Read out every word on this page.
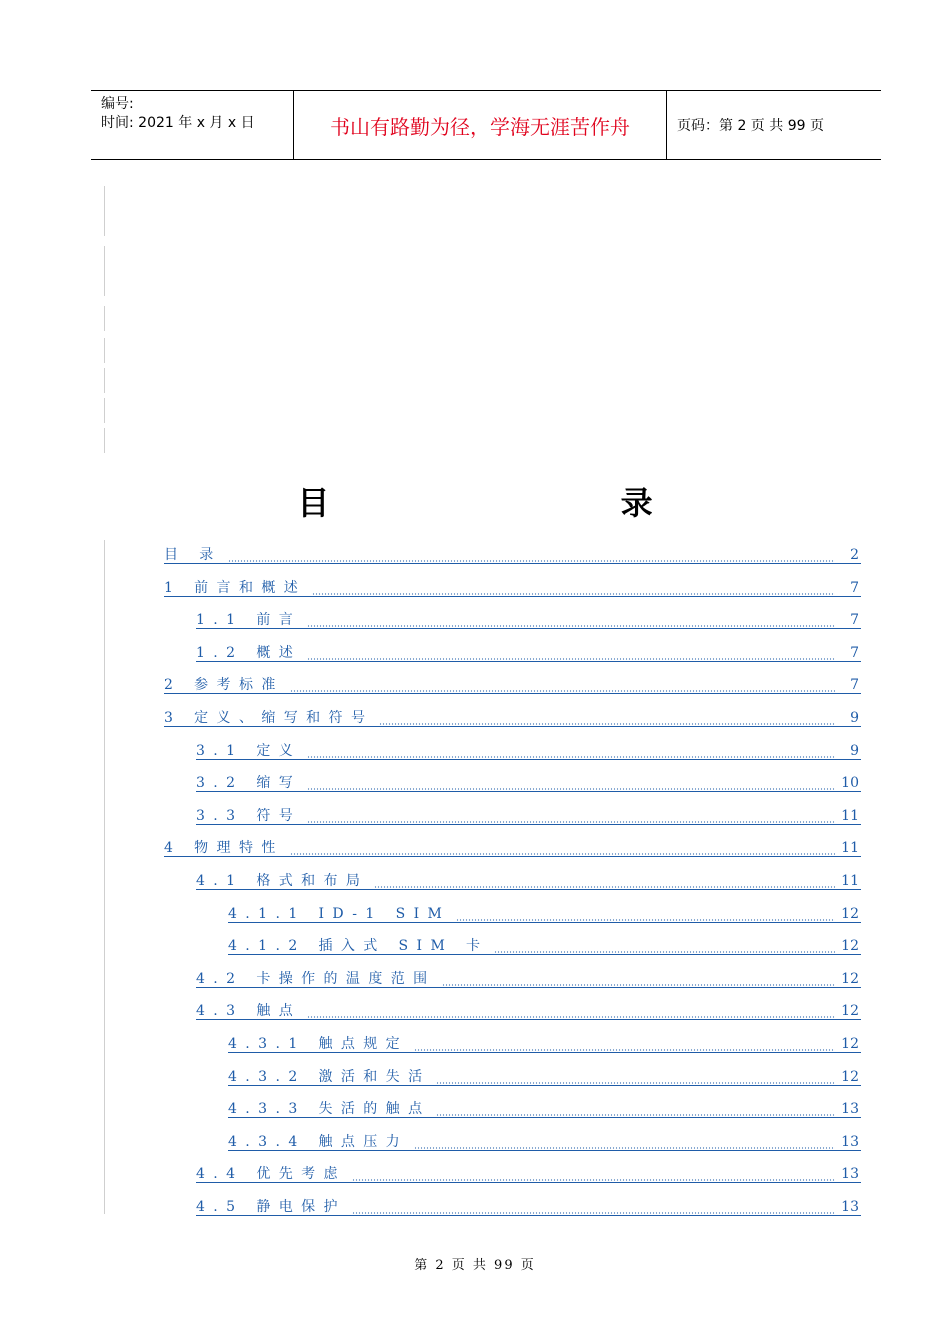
编号:
时间: 2021 年 x 月 x 日	书山有路勤为径，学海无涯苦作舟	页码：第 2 页 共 99 页
目 录
目 录	2
1 前言和概述	7
1.1 前言	7
1.2 概述	7
2 参考标准	7
3 定义、缩写和符号	9
3.1 定义	9
3.2 缩写	10
3.3 符号	11
4 物理特性	11
4.1 格式和布局	11
4.1.1 ID-1 SIM	12
4.1.2 插入式 SIM 卡	12
4.2 卡操作的温度范围	12
4.3 触点	12
4.3.1 触点规定	12
4.3.2 激活和失活	12
4.3.3 失活的触点	13
4.3.4 触点压力	13
4.4 优先考虑	13
4.5 静电保护	13
第 2 页 共 99 页
